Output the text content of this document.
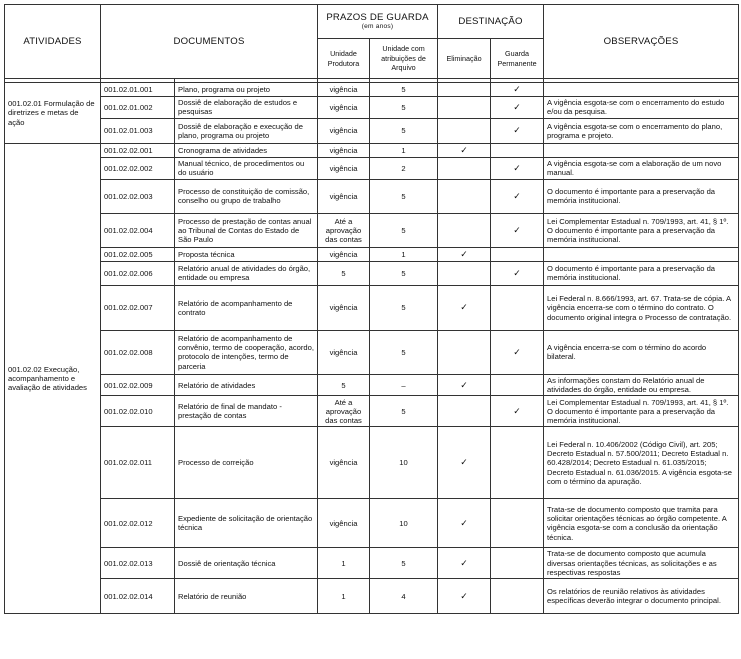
ATIVIDADES	DOCUMENTOS		PRAZOS DE GUARDA
(em anos)		DESTINAÇÃO		OBSERVAÇÕES
			Unidade Produtora	Unidade com atribuições de Arquivo	Eliminação	Guarda Permanente	

001.02.01 Formulação de diretrizes e metas de ação	001.02.01.001	Plano, programa ou projeto	vigência	5		✓	
	001.02.01.002	Dossiê de elaboração de estudos e pesquisas	vigência	5		✓	A vigência esgota-se com o encerramento do estudo e/ou da pesquisa.
	001.02.01.003	Dossiê de elaboração e execução de plano, programa ou projeto	vigência	5		✓	A vigência esgota-se com o encerramento do plano, programa e projeto.
001.02.02 Execução, acompanhamento e avaliação de atividades	001.02.02.001	Cronograma de atividades	vigência	1	✓		
	001.02.02.002	Manual técnico, de procedimentos ou do usuário	vigência	2		✓	A vigência esgota-se com a elaboração de um novo manual.
	001.02.02.003	Processo de constituição de comissão, conselho ou grupo de trabalho	vigência	5		✓	O documento é importante para a preservação da memória institucional.
	001.02.02.004	Processo de prestação de contas anual ao Tribunal de Contas do Estado de São Paulo	Até a aprovação das contas	5		✓	Lei Complementar Estadual n. 709/1993, art. 41, § 1º. O documento é importante para a preservação da memória institucional.
	001.02.02.005	Proposta técnica	vigência	1	✓		
	001.02.02.006	Relatório anual de atividades do órgão, entidade ou empresa	5	5		✓	O documento é importante para a preservação da memória institucional.
	001.02.02.007	Relatório de acompanhamento de contrato	vigência	5	✓		Lei Federal n. 8.666/1993, art. 67. Trata-se de cópia. A vigência encerra-se com o término do contrato. O documento original integra o Processo de contratação.
	001.02.02.008	Relatório de acompanhamento de convênio, termo de cooperação, acordo, protocolo de intenções, termo de parceria	vigência	5		✓	A vigência encerra-se com o término do acordo bilateral.
	001.02.02.009	Relatório de atividades	5	–	✓		As informações constam do Relatório anual de atividades do órgão, entidade ou empresa.
	001.02.02.010	Relatório de final de mandato - prestação de contas	Até a aprovação das contas	5		✓	Lei Complementar Estadual n. 709/1993, art. 41, § 1º. O documento é importante para a preservação da memória institucional.
	001.02.02.011	Processo de correição	vigência	10	✓		Lei Federal n. 10.406/2002 (Código Civil), art. 205; Decreto Estadual n. 57.500/2011; Decreto Estadual n. 60.428/2014; Decreto Estadual n. 61.035/2015; Decreto Estadual n. 61.036/2015. A vigência esgota-se com o término da apuração.
	001.02.02.012	Expediente de solicitação de orientação técnica	vigência	10	✓		Trata-se de documento composto que tramita para solicitar orientações técnicas ao órgão competente. A vigência esgota-se com a conclusão da orientação técnica.
	001.02.02.013	Dossiê de orientação técnica	1	5	✓		Trata-se de documento composto que acumula diversas orientações técnicas, as solicitações e as respectivas respostas
	001.02.02.014	Relatório de reunião	1	4	✓		Os relatórios de reunião relativos às atividades específicas deverão integrar o documento principal.
